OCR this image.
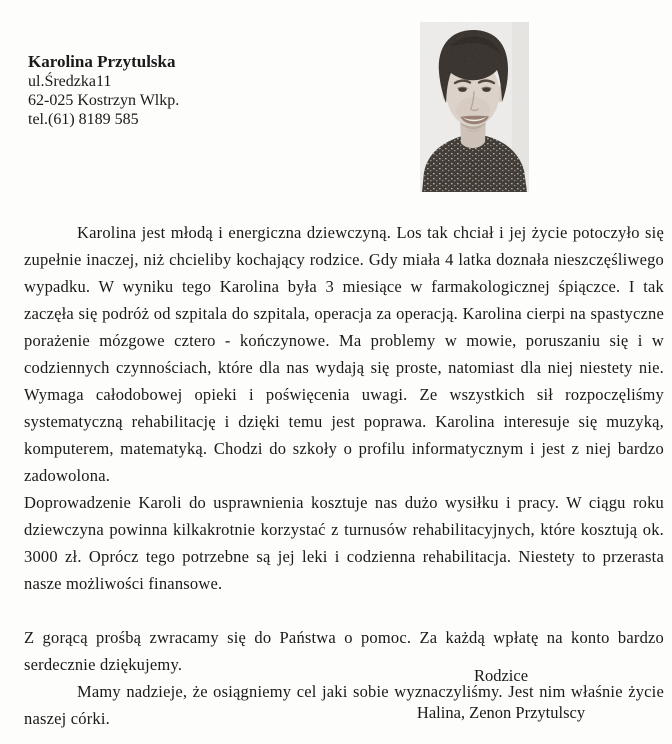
Karolina Przytulska
ul.Średzka11
62-025 Kostrzyn Wlkp.
tel.(61) 8189 585

Karolina jest młodą i energiczna dziewczyną. Los tak chciał i jej życie potoczyło się zupełnie inaczej, niż chcieliby kochający rodzice. Gdy miała 4 latka doznała nieszczęśliwego wypadku. W wyniku tego Karolina była 3 miesiące w farmakologicznej śpiączce. I tak zaczęła się podróż od szpitala do szpitala, operacja za operacją. Karolina cierpi na spastyczne porażenie mózgowe cztero - kończynowe. Ma problemy w mowie, poruszaniu się i w codziennych czynnościach, które dla nas wydają się proste, natomiast dla niej niestety nie. Wymaga całodobowej opieki i poświęcenia uwagi. Ze wszystkich sił rozpoczęliśmy systematyczną rehabilitację i dzięki temu jest poprawa. Karolina interesuje się muzyką, komputerem, matematyką. Chodzi do szkoły o profilu informatycznym i jest z niej bardzo zadowolona.

Doprowadzenie Karoli do usprawnienia kosztuje nas dużo wysiłku i pracy. W ciągu roku dziewczyna powinna kilkakrotnie korzystać z turnusów rehabilitacyjnych, które kosztują ok. 3000 zł. Oprócz tego potrzebne są jej leki i codzienna rehabilitacja. Niestety to przerasta nasze możliwości finansowe.

Z gorącą prośbą zwracamy się do Państwa o pomoc. Za każdą wpłatę na konto bardzo serdecznie dziękujemy.

Mamy nadzieje, że osiągniemy cel jaki sobie wyznaczyliśmy. Jest nim właśnie życie naszej córki.

Rodzice
Halina, Zenon Przytulscy
